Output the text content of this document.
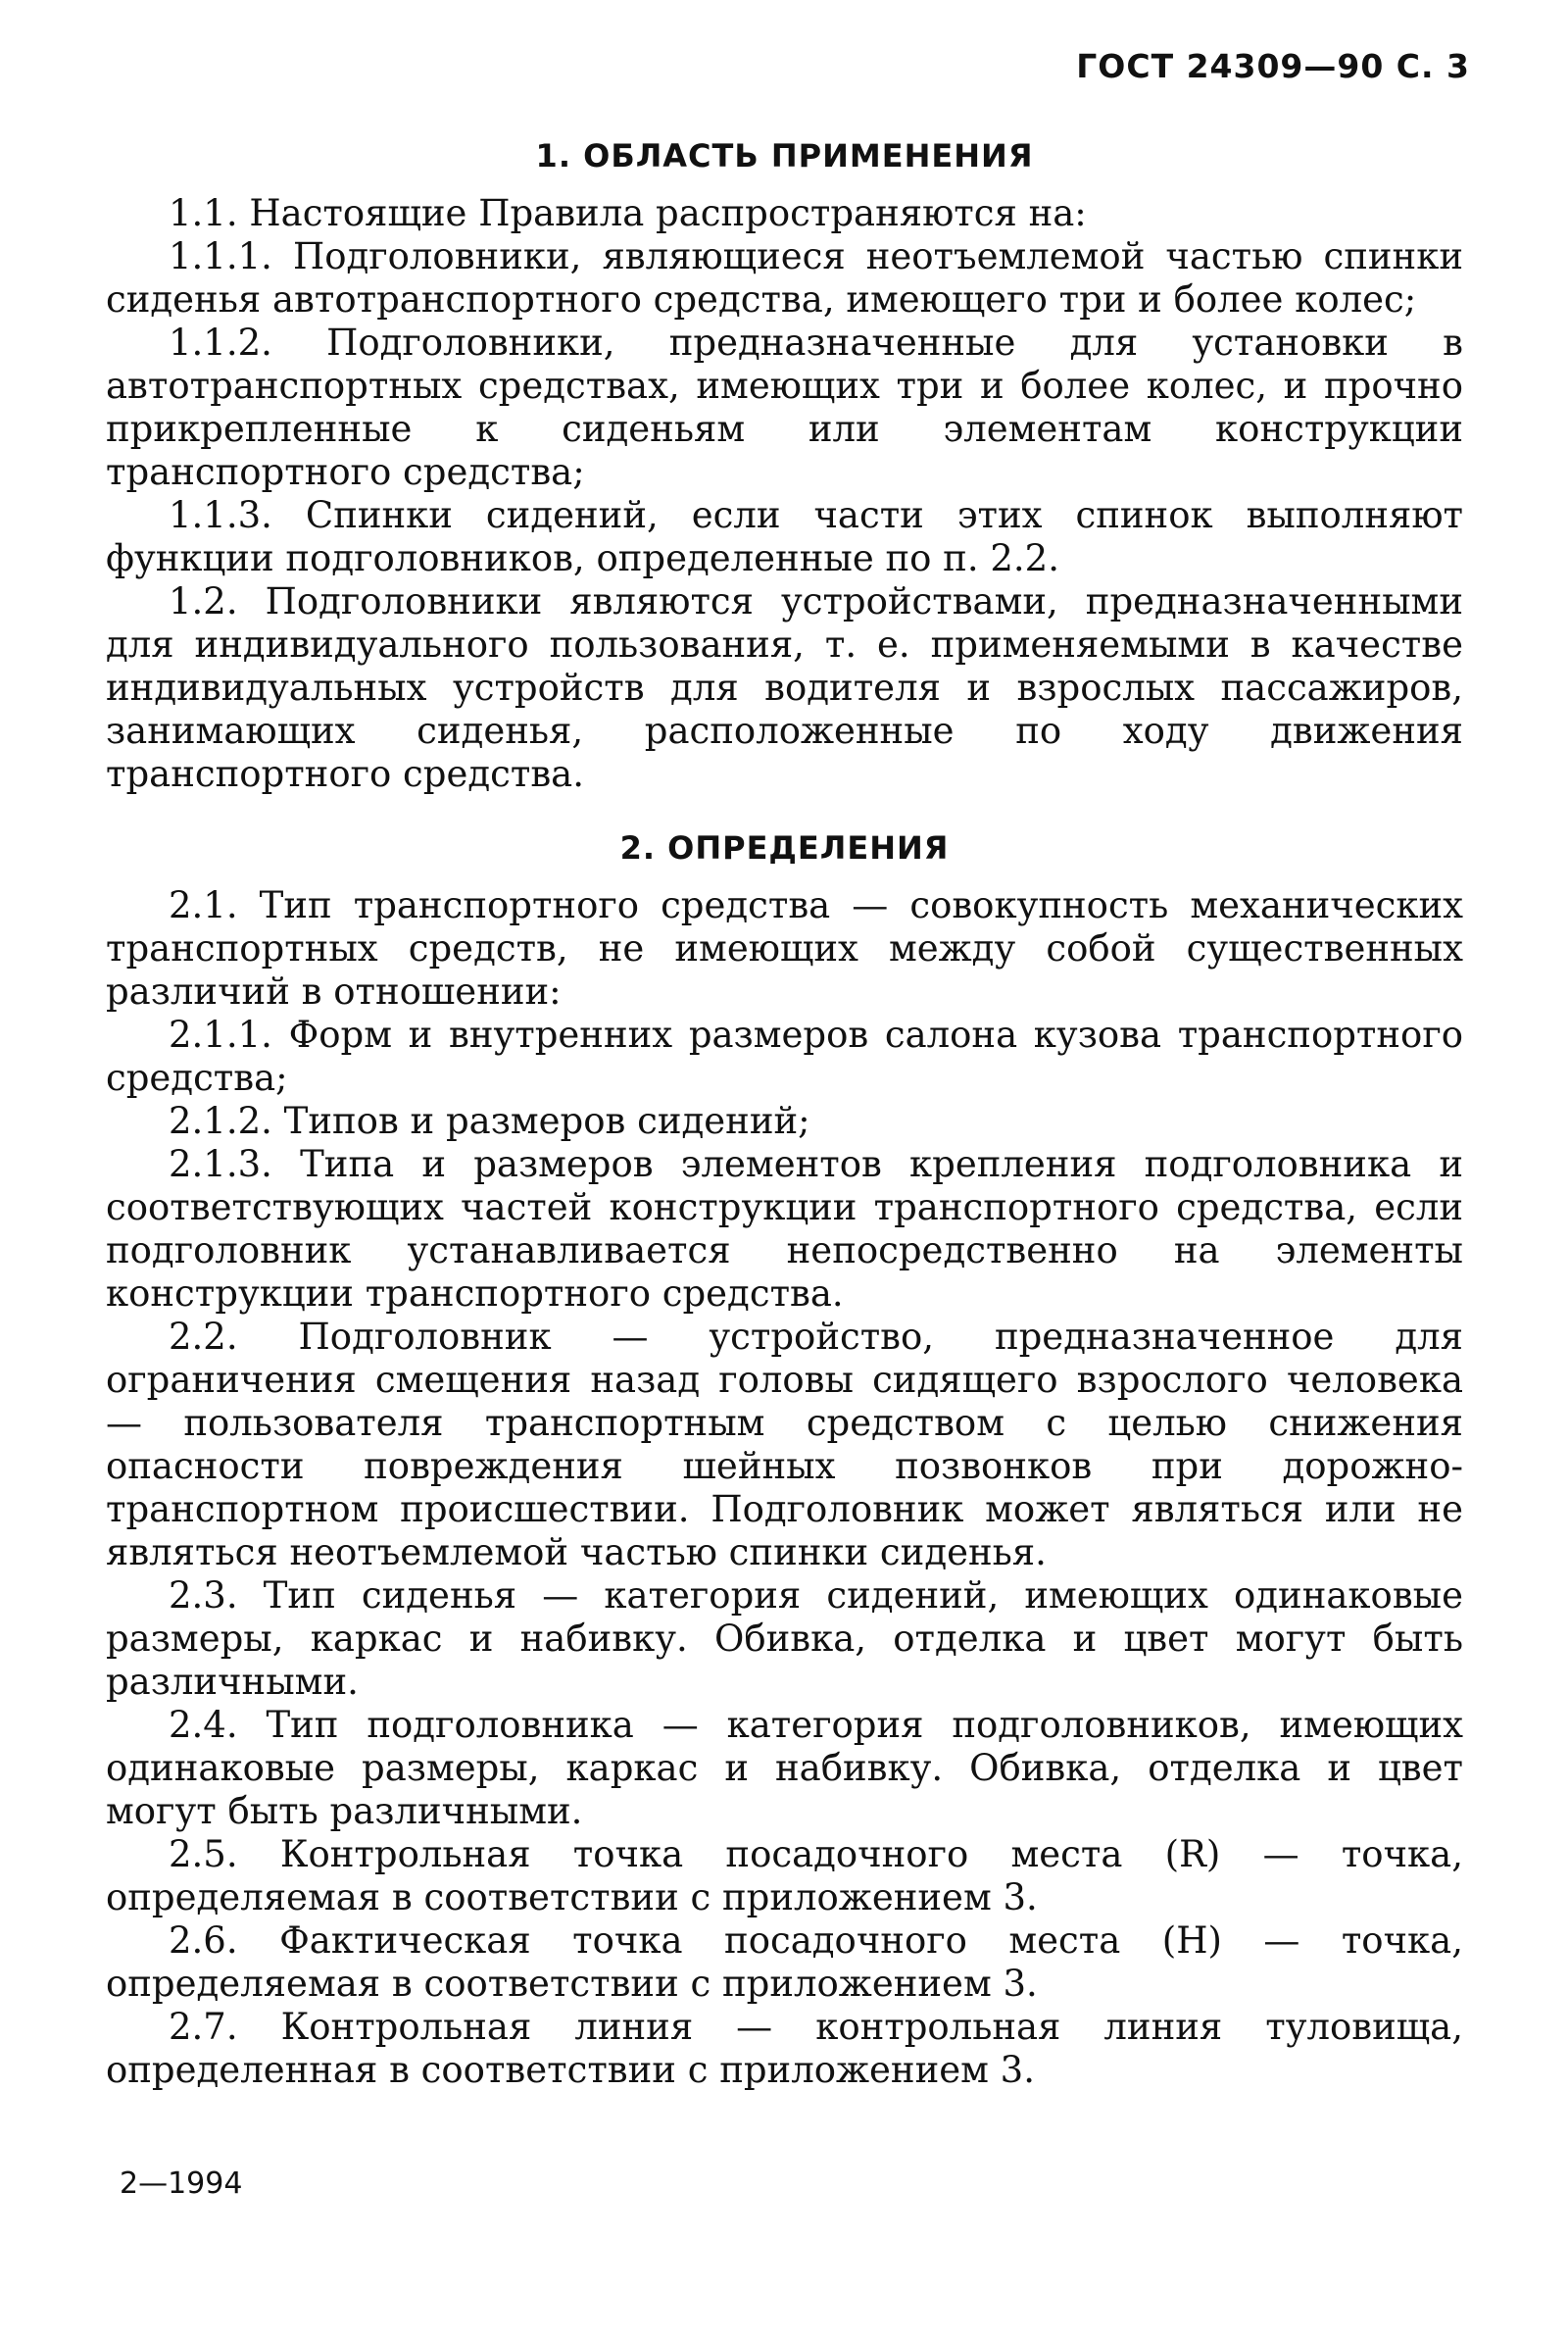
ГОСТ 24309—90 С. 3
1. ОБЛАСТЬ ПРИМЕНЕНИЯ

1.1. Настоящие Правила распространяются на:

1.1.1. Подголовники, являющиеся неотъемлемой частью спинки сиденья автотранспортного средства, имеющего три и более колес;

1.1.2. Подголовники, предназначенные для установки в автотранспортных средствах, имеющих три и более колес, и прочно прикрепленные к сиденьям или элементам конструкции транспортного средства;

1.1.3. Спинки сидений, если части этих спинок выполняют функции подголовников, определенные по п. 2.2.

1.2. Подголовники являются устройствами, предназначенными для индивидуального пользования, т. е. применяемыми в качестве индивидуальных устройств для водителя и взрослых пассажиров, занимающих сиденья, расположенные по ходу движения транспортного средства.

2. ОПРЕДЕЛЕНИЯ

2.1. Тип транспортного средства — совокупность механических транспортных средств, не имеющих между собой существенных различий в отношении:

2.1.1. Форм и внутренних размеров салона кузова транспортного средства;

2.1.2. Типов и размеров сидений;

2.1.3. Типа и размеров элементов крепления подголовника и соответствующих частей конструкции транспортного средства, если подголовник устанавливается непосредственно на элементы конструкции транспортного средства.

2.2. Подголовник — устройство, предназначенное для ограничения смещения назад головы сидящего взрослого человека — пользователя транспортным средством с целью снижения опасности повреждения шейных позвонков при дорожно-транспортном происшествии. Подголовник может являться или не являться неотъемлемой частью спинки сиденья.

2.3. Тип сиденья — категория сидений, имеющих одинаковые размеры, каркас и набивку. Обивка, отделка и цвет могут быть различными.

2.4. Тип подголовника — категория подголовников, имеющих одинаковые размеры, каркас и набивку. Обивка, отделка и цвет могут быть различными.

2.5. Контрольная точка посадочного места (R) — точка, определяемая в соответствии с приложением 3.

2.6. Фактическая точка посадочного места (H) — точка, определяемая в соответствии с приложением 3.

2.7. Контрольная линия — контрольная линия туловища, определенная в соответствии с приложением 3.

2—1994
